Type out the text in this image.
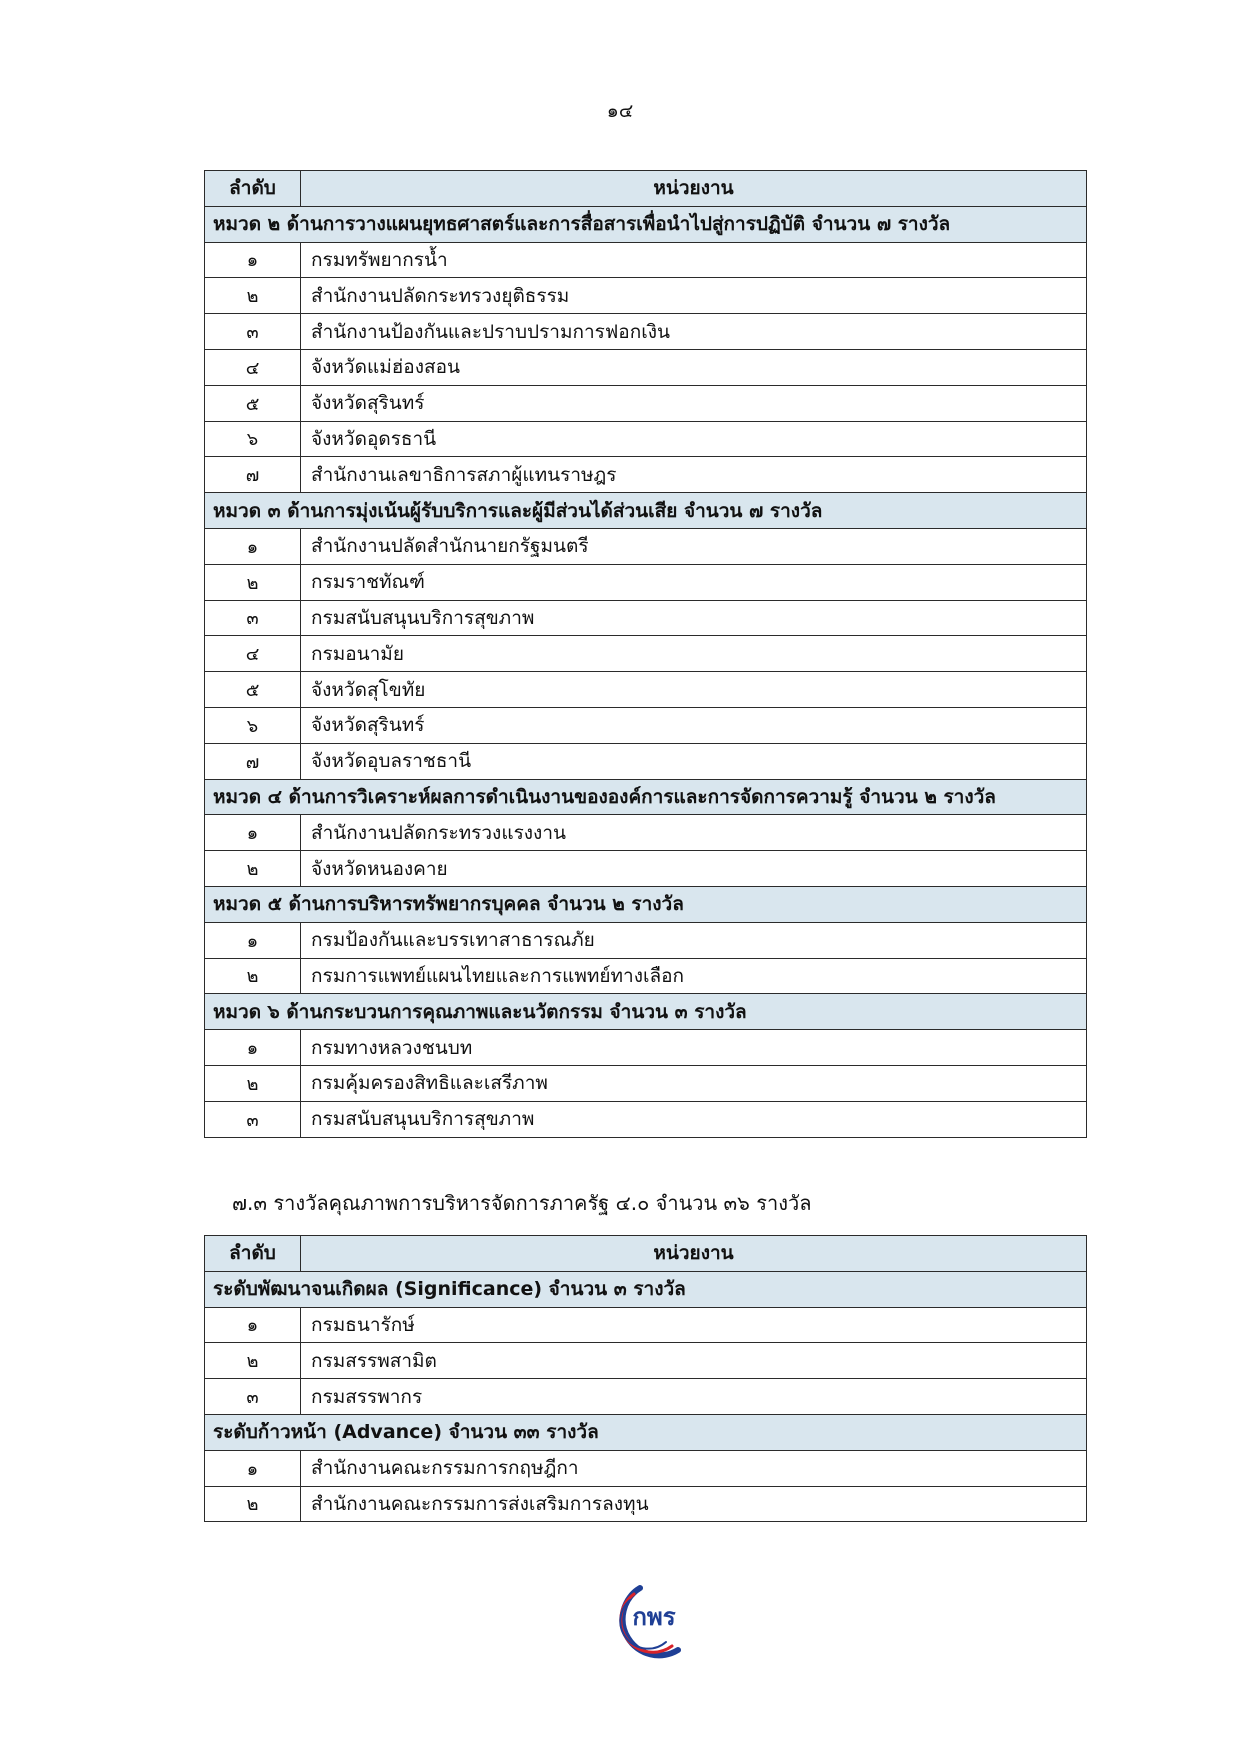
๑๔
ลำดับ	หน่วยงาน
หมวด ๒ ด้านการวางแผนยุทธศาสตร์และการสื่อสารเพื่อนำไปสู่การปฏิบัติ จำนวน ๗ รางวัล	
๑	กรมทรัพยากรน้ำ
๒	สำนักงานปลัดกระทรวงยุติธรรม
๓	สำนักงานป้องกันและปราบปรามการฟอกเงิน
๔	จังหวัดแม่ฮ่องสอน
๕	จังหวัดสุรินทร์
๖	จังหวัดอุดรธานี
๗	สำนักงานเลขาธิการสภาผู้แทนราษฎร
หมวด ๓ ด้านการมุ่งเน้นผู้รับบริการและผู้มีส่วนได้ส่วนเสีย จำนวน ๗ รางวัล	
๑	สำนักงานปลัดสำนักนายกรัฐมนตรี
๒	กรมราชทัณฑ์
๓	กรมสนับสนุนบริการสุขภาพ
๔	กรมอนามัย
๕	จังหวัดสุโขทัย
๖	จังหวัดสุรินทร์
๗	จังหวัดอุบลราชธานี
หมวด ๔ ด้านการวิเคราะห์ผลการดำเนินงานขององค์การและการจัดการความรู้ จำนวน ๒ รางวัล	
๑	สำนักงานปลัดกระทรวงแรงงาน
๒	จังหวัดหนองคาย
หมวด ๕ ด้านการบริหารทรัพยากรบุคคล จำนวน ๒ รางวัล	
๑	กรมป้องกันและบรรเทาสาธารณภัย
๒	กรมการแพทย์แผนไทยและการแพทย์ทางเลือก
หมวด ๖ ด้านกระบวนการคุณภาพและนวัตกรรม จำนวน ๓ รางวัล	
๑	กรมทางหลวงชนบท
๒	กรมคุ้มครองสิทธิและเสรีภาพ
๓	กรมสนับสนุนบริการสุขภาพ
๗.๓ รางวัลคุณภาพการบริหารจัดการภาครัฐ ๔.๐ จำนวน ๓๖ รางวัล
ลำดับ	หน่วยงาน
ระดับพัฒนาจนเกิดผล (Significance) จำนวน ๓ รางวัล	
๑	กรมธนารักษ์
๒	กรมสรรพสามิต
๓	กรมสรรพากร
ระดับก้าวหน้า (Advance) จำนวน ๓๓ รางวัล	
๑	สำนักงานคณะกรรมการกฤษฎีกา
๒	สำนักงานคณะกรรมการส่งเสริมการลงทุน
กพร
